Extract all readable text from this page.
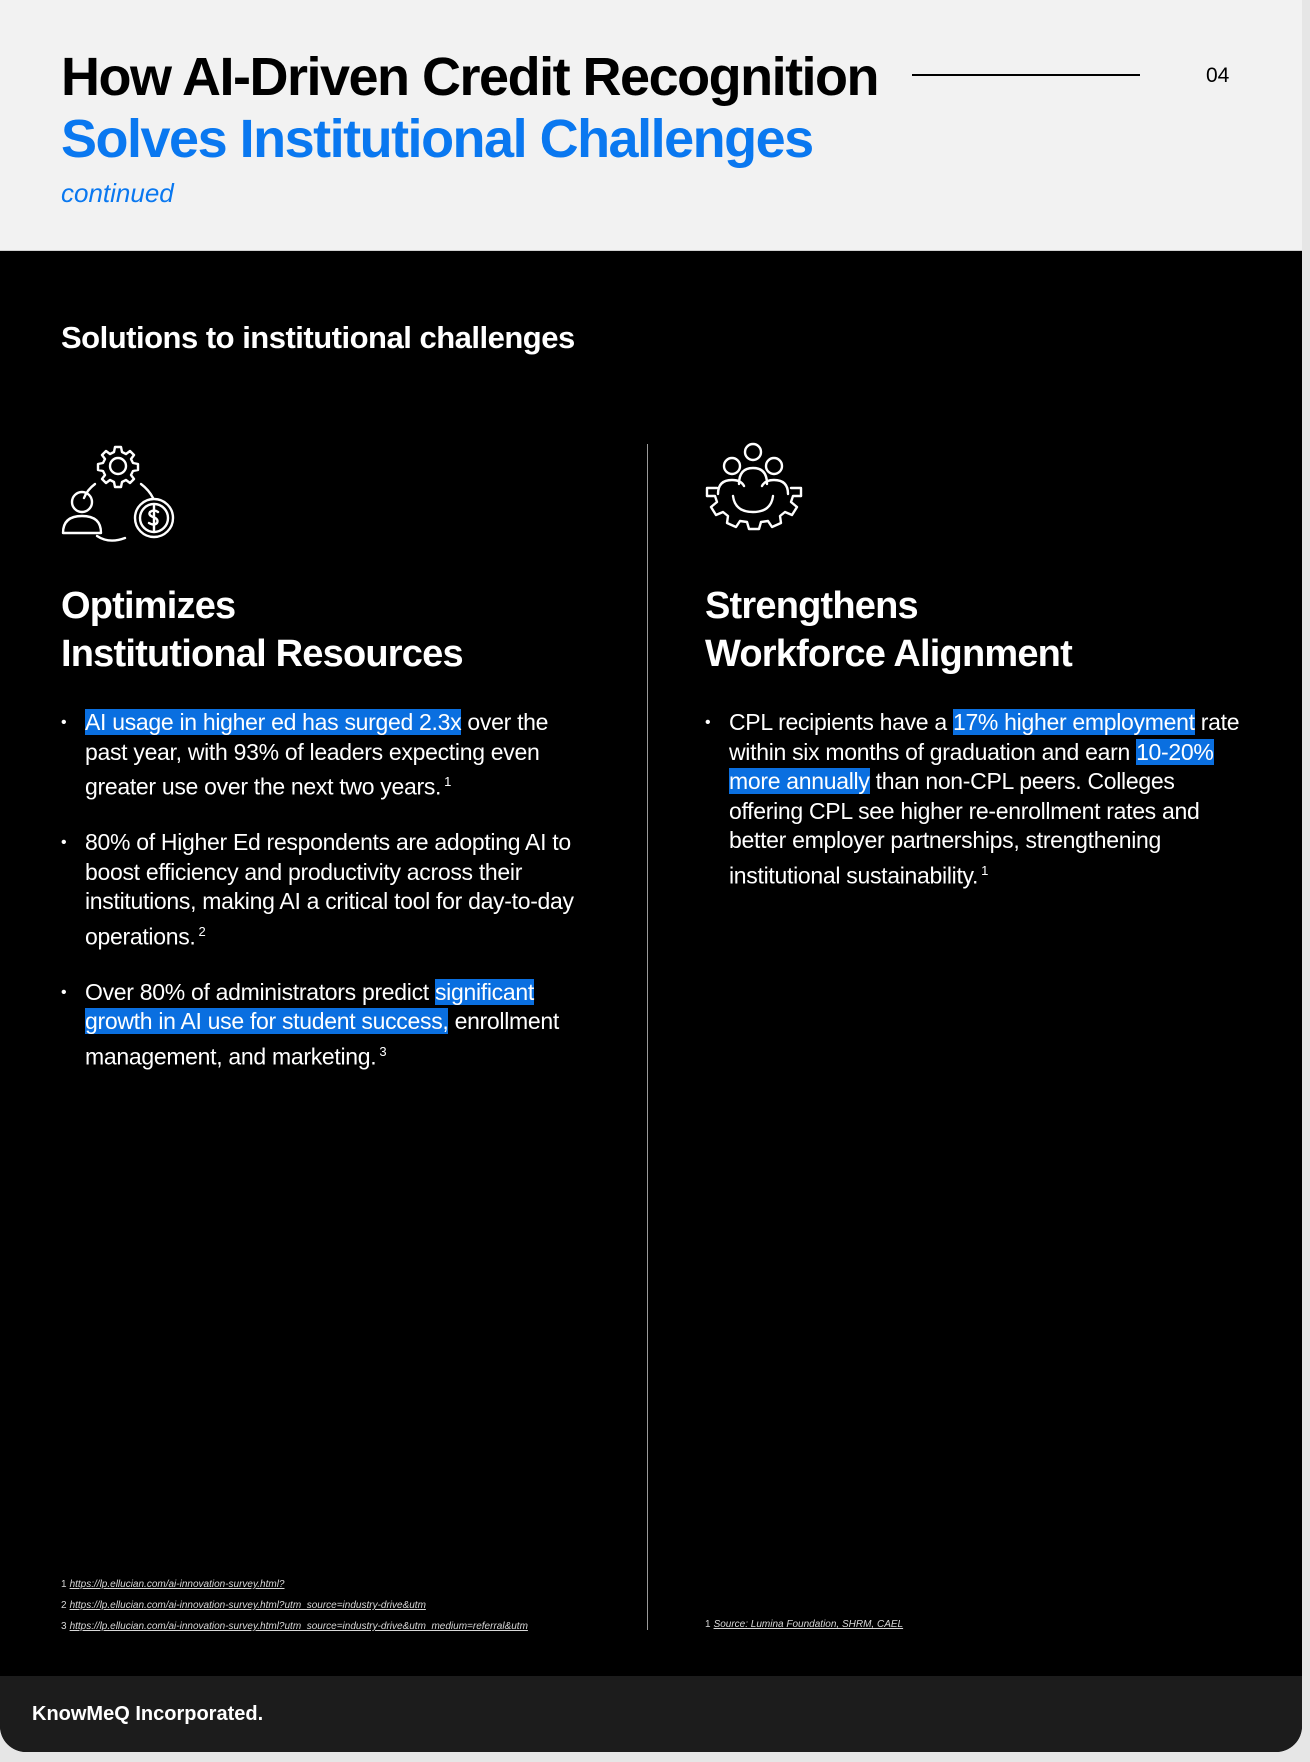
How AI-Driven Credit Recognition
Solves Institutional Challenges

continued

04
Solutions to institutional challenges
Optimizes
Institutional Resources
• AI usage in higher ed has surged 2.3x over the past year, with 93% of leaders expecting even greater use over the next two years. $^1$
• 80% of Higher Ed respondents are adopting AI to boost efficiency and productivity across their institutions, making AI a critical tool for day-to-day operations. $^2$
• Over 80% of administrators predict significant growth in AI use for student success, enrollment management, and marketing. $^3$
1 https://lp.ellucian.com/ai-innovation-survey.html?
2 https://lp.ellucian.com/ai-innovation-survey.html?utm_source=industry-drive&utm
3 https://lp.ellucian.com/ai-innovation-survey.html?utm_source=industry-drive&utm_medium=referral&utm
Strengthens
Workforce Alignment
• CPL recipients have a 17% higher employment rate within six months of graduation and earn 10-20% more annually than non-CPL peers. Colleges offering CPL see higher re-enrollment rates and better employer partnerships, strengthening institutional sustainability. $^1$
1 Source: Lumina Foundation, SHRM, CAEL
KnowMeQ Incorporated.
